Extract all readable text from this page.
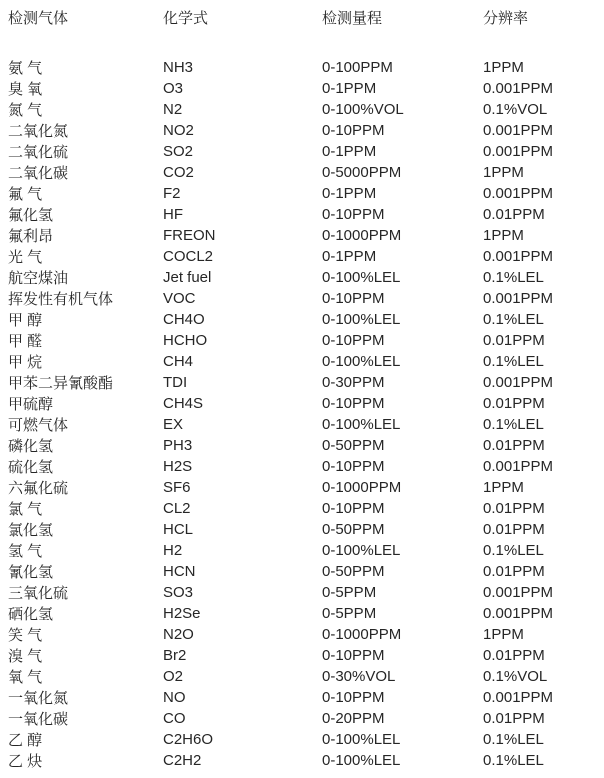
检测气体	化学式	检测量程	分辨率

氨 气	NH3	0-100PPM	1PPM
臭 氧	O3	0-1PPM	0.001PPM
氮 气	N2	0-100%VOL	0.1%VOL
二氧化氮	NO2	0-10PPM	0.001PPM
二氧化硫	SO2	0-1PPM	0.001PPM
二氧化碳	CO2	0-5000PPM	1PPM
氟 气	F2	0-1PPM	0.001PPM
氟化氢	HF	0-10PPM	0.01PPM
氟利昂	FREON	0-1000PPM	1PPM
光 气	COCL2	0-1PPM	0.001PPM
航空煤油	Jet fuel	0-100%LEL	0.1%LEL
挥发性有机气体	VOC	0-10PPM	0.001PPM
甲 醇	CH4O	0-100%LEL	0.1%LEL
甲 醛	HCHO	0-10PPM	0.01PPM
甲 烷	CH4	0-100%LEL	0.1%LEL
甲苯二异氰酸酯	TDI	0-30PPM	0.001PPM
甲硫醇	CH4S	0-10PPM	0.01PPM
可燃气体	EX	0-100%LEL	0.1%LEL
磷化氢	PH3	0-50PPM	0.01PPM
硫化氢	H2S	0-10PPM	0.001PPM
六氟化硫	SF6	0-1000PPM	1PPM
氯 气	CL2	0-10PPM	0.01PPM
氯化氢	HCL	0-50PPM	0.01PPM
氢 气	H2	0-100%LEL	0.1%LEL
氰化氢	HCN	0-50PPM	0.01PPM
三氧化硫	SO3	0-5PPM	0.001PPM
硒化氢	H2Se	0-5PPM	0.001PPM
笑 气	N2O	0-1000PPM	1PPM
溴 气	Br2	0-10PPM	0.01PPM
氧 气	O2	0-30%VOL	0.1%VOL
一氧化氮	NO	0-10PPM	0.001PPM
一氧化碳	CO	0-20PPM	0.01PPM
乙 醇	C2H6O	0-100%LEL	0.1%LEL
乙 炔	C2H2	0-100%LEL	0.1%LEL
